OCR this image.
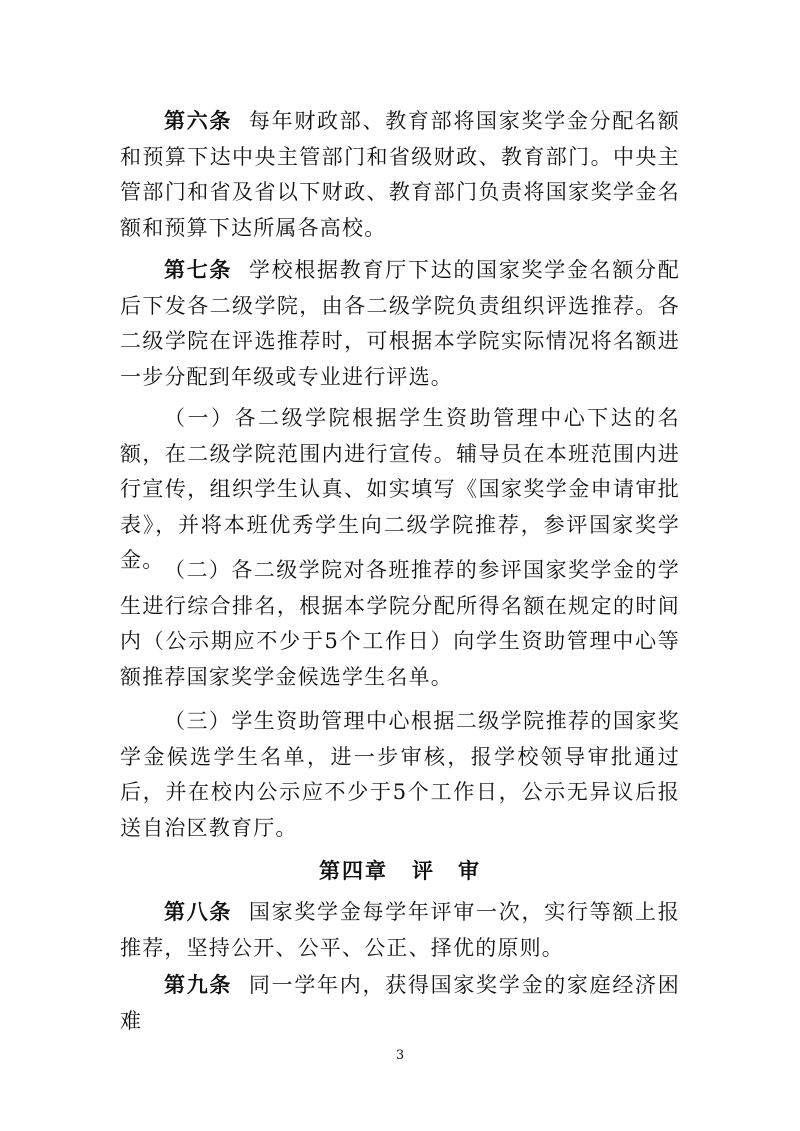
第六条 每年财政部、教育部将国家奖学金分配名额和预算下达中央主管部门和省级财政、教育部门。中央主管部门和省及省以下财政、教育部门负责将国家奖学金名额和预算下达所属各高校。

第七条 学校根据教育厅下达的国家奖学金名额分配后下发各二级学院，由各二级学院负责组织评选推荐。各二级学院在评选推荐时，可根据本学院实际情况将名额进一步分配到年级或专业进行评选。

（一）各二级学院根据学生资助管理中心下达的名额，在二级学院范围内进行宣传。辅导员在本班范围内进行宣传，组织学生认真、如实填写《国家奖学金申请审批表》，并将本班优秀学生向二级学院推荐，参评国家奖学金。 （二）各二级学院对各班推荐的参评国家奖学金的学生进行综合排名，根据本学院分配所得名额在规定的时间内（公示期应不少于5个工作日）向学生资助管理中心等额推荐国家奖学金候选学生名单。

（三）学生资助管理中心根据二级学院推荐的国家奖学金候选学生名单，进一步审核，报学校领导审批通过后，并在校内公示应不少于5个工作日，公示无异议后报送自治区教育厅。

第四章 评　审

第八条 国家奖学金每学年评审一次，实行等额上报推荐，坚持公开、公平、公正、择优的原则。

第九条 同一学年内，获得国家奖学金的家庭经济困难

3
